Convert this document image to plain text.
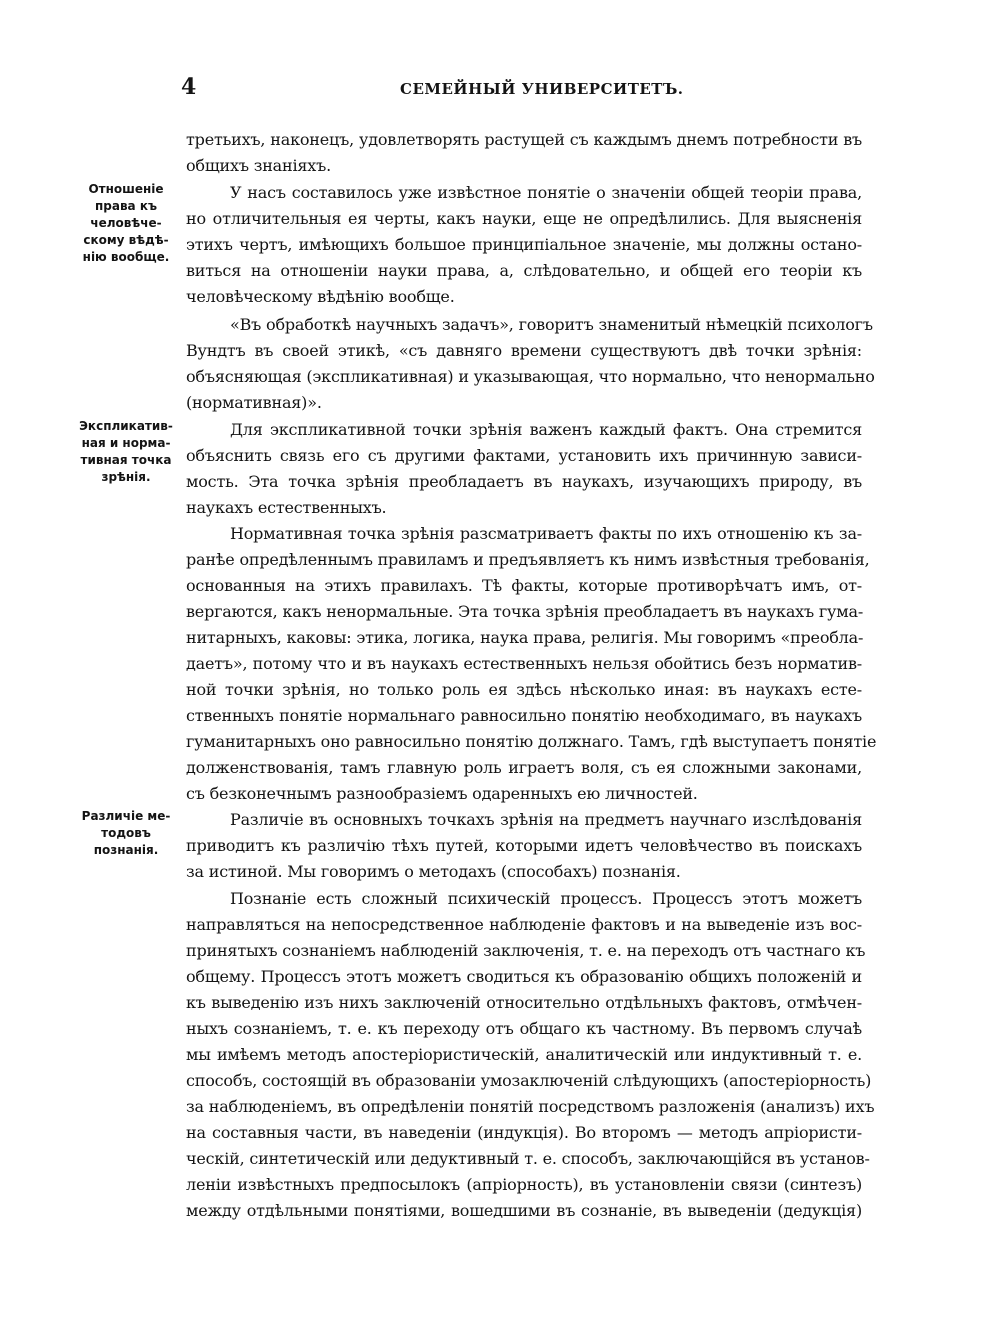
4	СЕМЕЙНЫЙ УНИВЕРСИТЕТЪ.
Отношеніе
права къ
человѣче-
скому вѣдѣ-
нію вообще.
Экспликатив-
ная и норма-
тивная точка
зрѣнія.
Различіе ме-
тодовъ
познанія.
третьихъ, наконецъ, удовлетворять растущей съ каждымъ днемъ потребности въ
общихъ знаніяхъ.
У насъ составилось уже извѣстное понятіе о значеніи общей теоріи права,
но отличительныя ея черты, какъ науки, еще не опредѣлились. Для выясненія
этихъ чертъ, имѣющихъ большое принципіальное значеніе, мы должны остано-
виться на отношеніи науки права, а, слѣдовательно, и общей его теоріи къ
человѣческому вѣдѣнію вообще.
«Въ обработкѣ научныхъ задачъ», говоритъ знаменитый нѣмецкій психологъ
Вундтъ въ своей этикѣ, «съ давняго времени существуютъ двѣ точки зрѣнія:
объясняющая (экспликативная) и указывающая, что нормально, что ненормально
(нормативная)».
Для экспликативной точки зрѣнія важенъ каждый фактъ. Она стремится
объяснить связь его съ другими фактами, установить ихъ причинную зависи-
мость. Эта точка зрѣнія преобладаетъ въ наукахъ, изучающихъ природу, въ
наукахъ естественныхъ.
Нормативная точка зрѣнія разсматриваетъ факты по ихъ отношенію къ за-
ранѣе опредѣленнымъ правиламъ и предъявляетъ къ нимъ извѣстныя требованія,
основанныя на этихъ правилахъ. Тѣ факты, которые противорѣчатъ имъ, от-
вергаются, какъ ненормальные. Эта точка зрѣнія преобладаетъ въ наукахъ гума-
нитарныхъ, каковы: этика, логика, наука права, религія. Мы говоримъ «преобла-
даетъ», потому что и въ наукахъ естественныхъ нельзя обойтись безъ норматив-
ной точки зрѣнія, но только роль ея здѣсь нѣсколько иная: въ наукахъ есте-
ственныхъ понятіе нормальнаго равносильно понятію необходимаго, въ наукахъ
гуманитарныхъ оно равносильно понятію должнаго. Тамъ, гдѣ выступаетъ понятіе
долженствованія, тамъ главную роль играетъ воля, съ ея сложными законами,
съ безконечнымъ разнообразіемъ одаренныхъ ею личностей.
Различіе въ основныхъ точкахъ зрѣнія на предметъ научнаго изслѣдованія
приводитъ къ различію тѣхъ путей, которыми идетъ человѣчество въ поискахъ
за истиной. Мы говоримъ о методахъ (способахъ) познанія.
Познаніе есть сложный психическій процессъ. Процессъ этотъ можетъ
направляться на непосредственное наблюденіе фактовъ и на выведеніе изъ вос-
принятыхъ сознаніемъ наблюденій заключенія, т. е. на переходъ отъ частнаго къ
общему. Процессъ этотъ можетъ сводиться къ образованію общихъ положеній и
къ выведенію изъ нихъ заключеній относительно отдѣльныхъ фактовъ, отмѣчен-
ныхъ сознаніемъ, т. е. къ переходу отъ общаго къ частному. Въ первомъ случаѣ
мы имѣемъ методъ апостеріористическій, аналитическій или индуктивный т. е.
способъ, состоящій въ образованіи умозаключеній слѣдующихъ (апостеріорность)
за наблюденіемъ, въ опредѣленіи понятій посредствомъ разложенія (анализъ) ихъ
на составныя части, въ наведеніи (индукція). Во второмъ — методъ апріористи-
ческій, синтетическій или дедуктивный т. е. способъ, заключающійся въ установ-
леніи извѣстныхъ предпосылокъ (апріорность), въ установленіи связи (синтезъ)
между отдѣльными понятіями, вошедшими въ сознаніе, въ выведеніи (дедукція)
